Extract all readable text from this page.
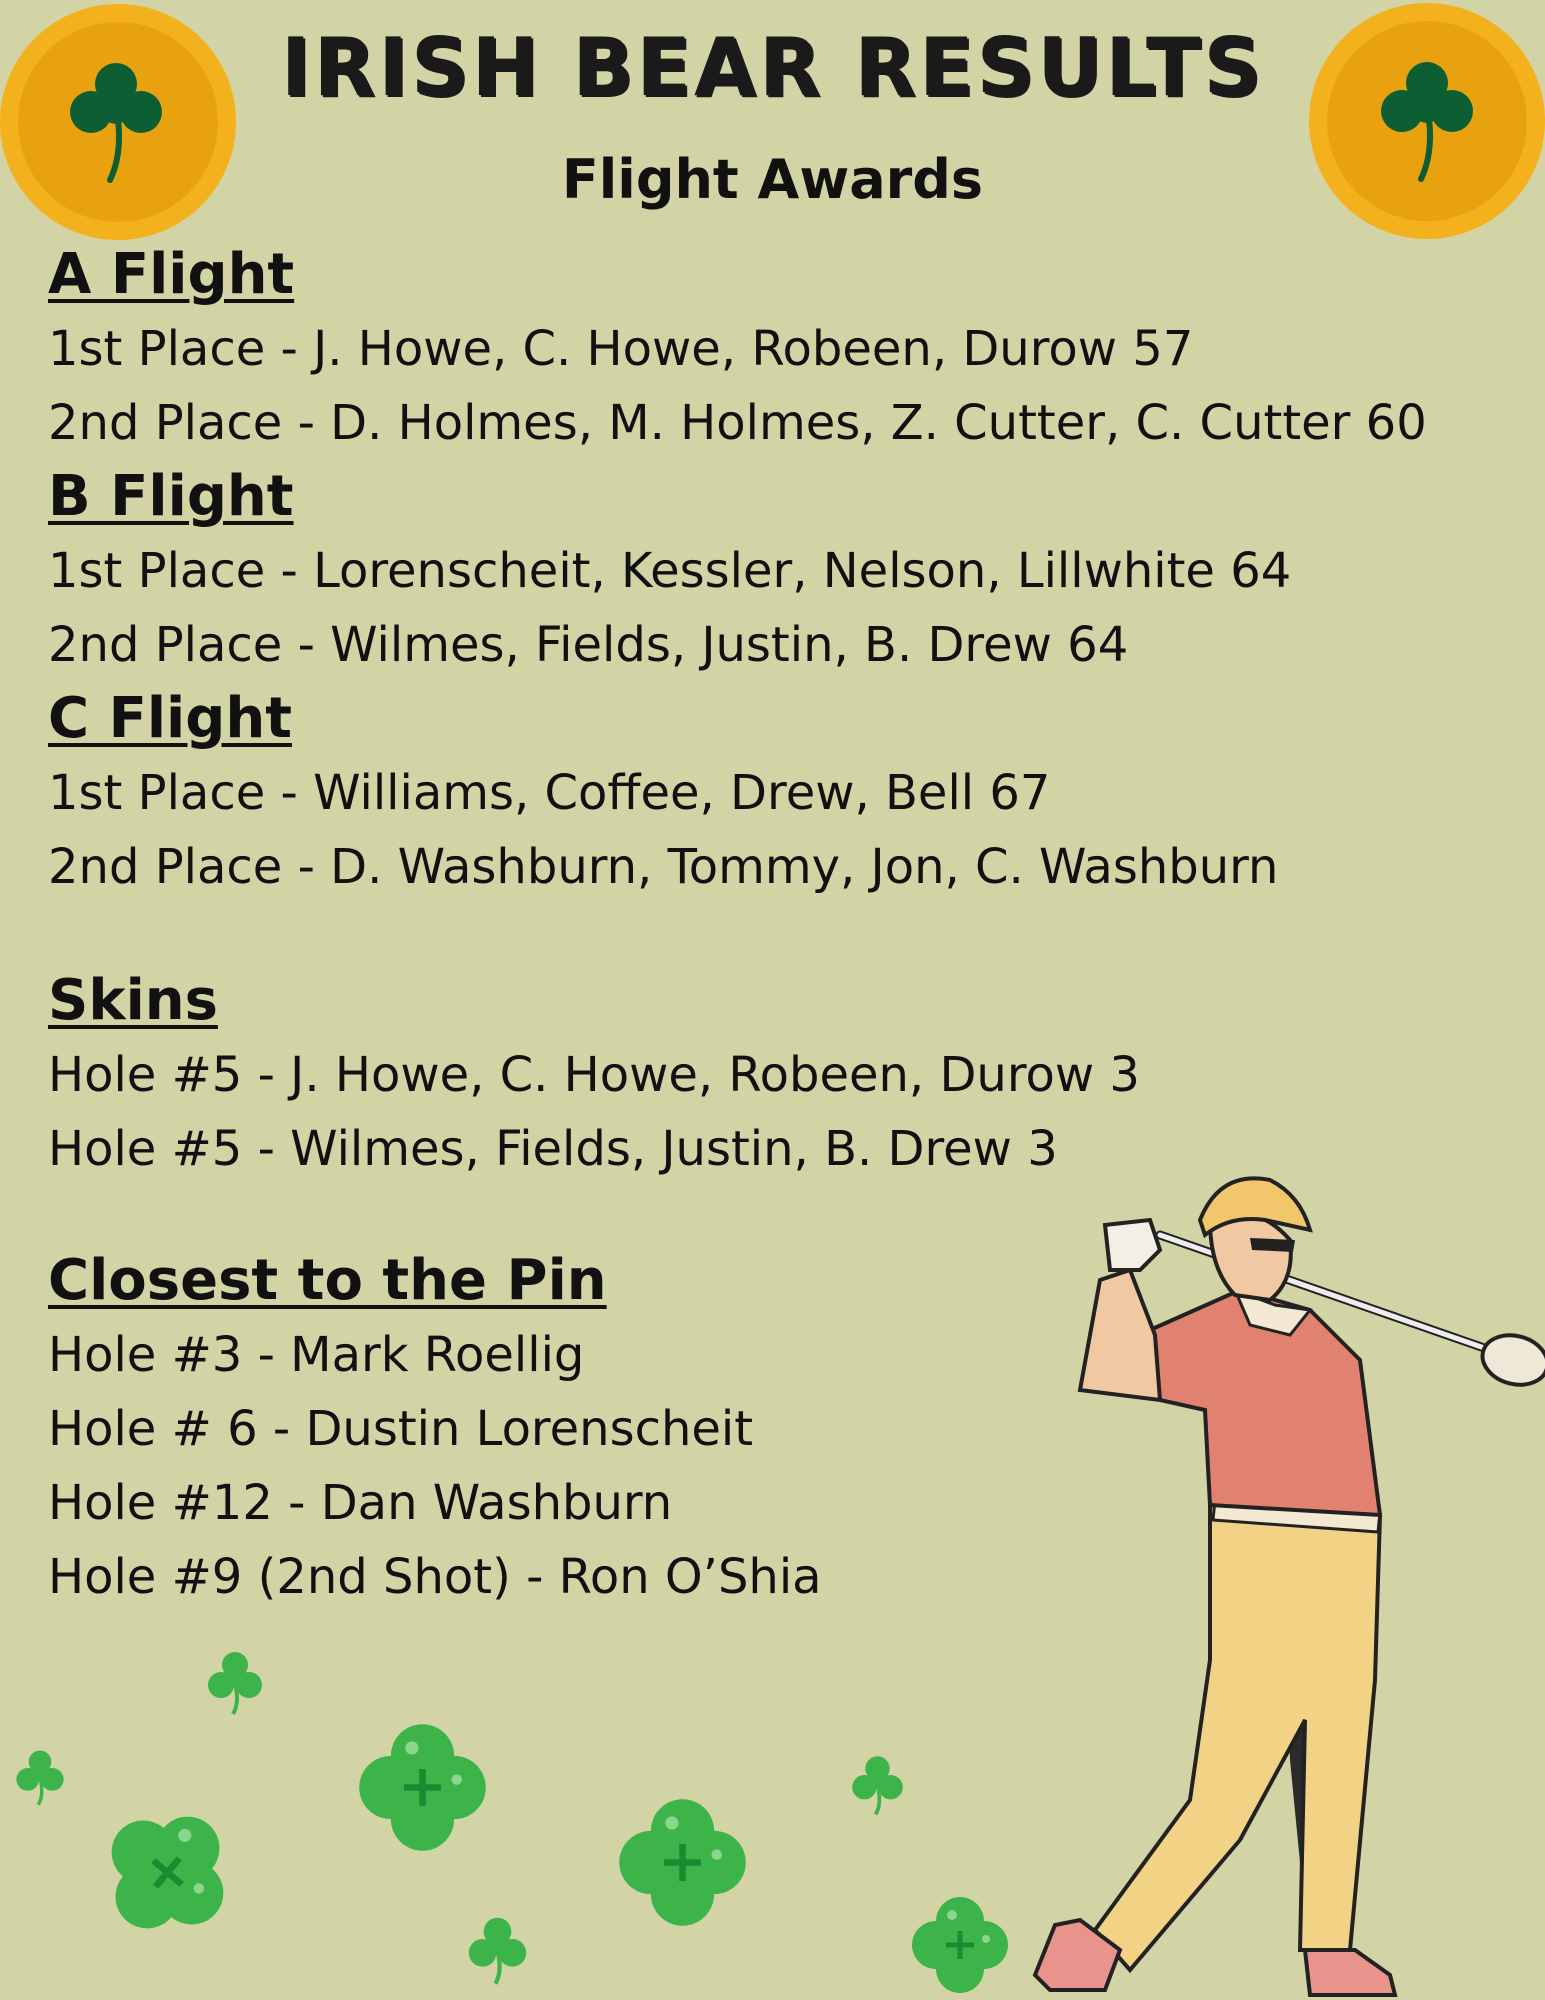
IRISH BEAR RESULTS
Flight Awards

A Flight

1st Place - J. Howe, C. Howe, Robeen, Durow 57

2nd Place - D. Holmes, M. Holmes, Z. Cutter, C. Cutter 60

B Flight

1st Place - Lorenscheit, Kessler, Nelson, Lillwhite 64

2nd Place - Wilmes, Fields, Justin, B. Drew 64

C Flight

1st Place - Williams, Coffee, Drew, Bell 67

2nd Place - D. Washburn, Tommy, Jon, C. Washburn

Skins

Hole #5 - J. Howe, C. Howe, Robeen, Durow 3

Hole #5 - Wilmes, Fields, Justin, B. Drew 3

Closest to the Pin

Hole #3 - Mark Roellig

Hole # 6 - Dustin Lorenscheit

Hole #12 - Dan Washburn

Hole #9 (2nd Shot) - Ron O’Shia
